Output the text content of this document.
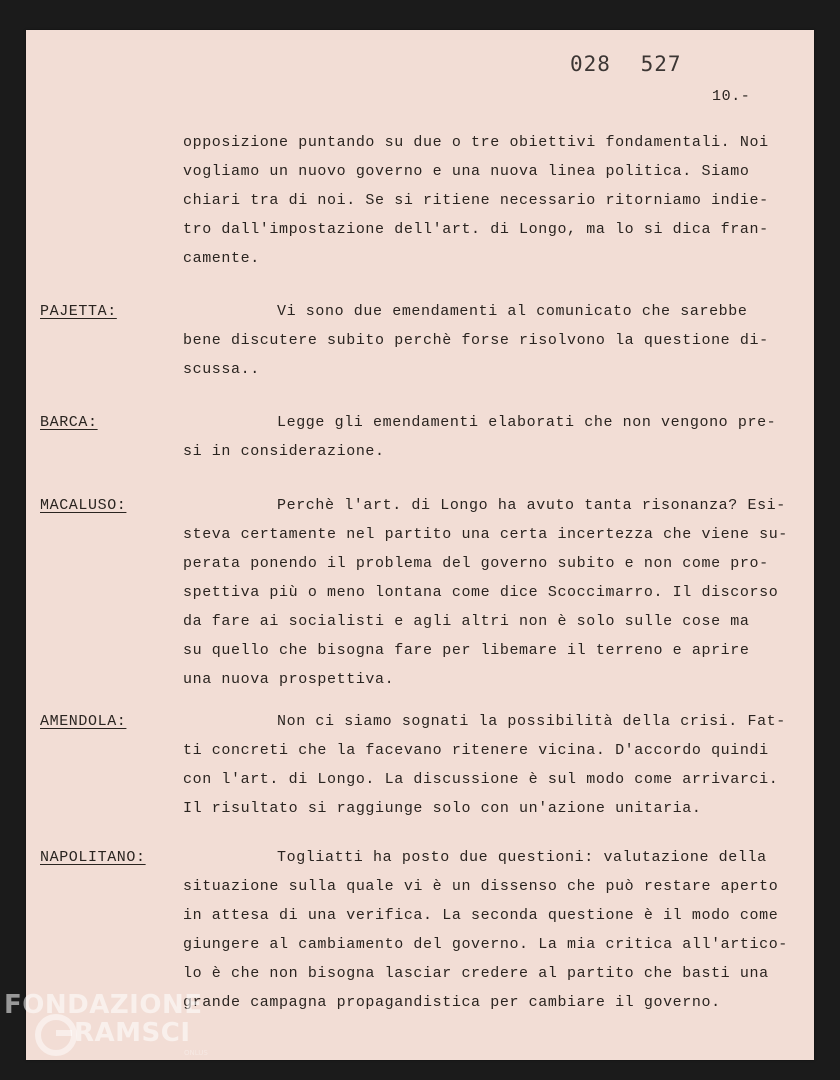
028 527
10.-
opposizione puntando su due o tre obiettivi fondamentali. Noi
vogliamo un nuovo governo e una nuova linea politica. Siamo
chiari tra di noi. Se si ritiene necessario ritorniamo indie-
tro dall'impostazione dell'art. di Longo, ma lo si dica fran-
camente.
PAJETTA:	Vi sono due emendamenti al comunicato che sarebbe
bene discutere subito perchè forse risolvono la questione di-
scussa..
BARCA:	Legge gli emendamenti elaborati che non vengono pre-
si in considerazione.
MACALUSO:	Perchè l'art. di Longo ha avuto tanta risonanza? Esi-
steva certamente nel partito una certa incertezza che viene su-
perata ponendo il problema del governo subito e non come pro-
spettiva più o meno lontana come dice Scoccimarro. Il discorso
da fare ai socialisti e agli altri non è solo sulle cose ma
su quello che bisogna fare per libemare il terreno e aprire
una nuova prospettiva.
AMENDOLA:	Non ci siamo sognati la possibilità della crisi. Fat-
ti concreti che la facevano ritenere vicina. D'accordo quindi
con l'art. di Longo. La discussione è sul modo come arrivarci.
Il risultato si raggiunge solo con un'azione unitaria.
NAPOLITANO:	Togliatti ha posto due questioni: valutazione della
situazione sulla quale vi è un dissenso che può restare aperto
in attesa di una verifica. La seconda questione è il modo come
giungere al cambiamento del governo. La mia critica all'artico-
lo è che non bisogna lasciar credere al partito che basti una
grande campagna propagandistica per cambiare il governo.
FONDAZIONE
RAMSCI
ONLUS
